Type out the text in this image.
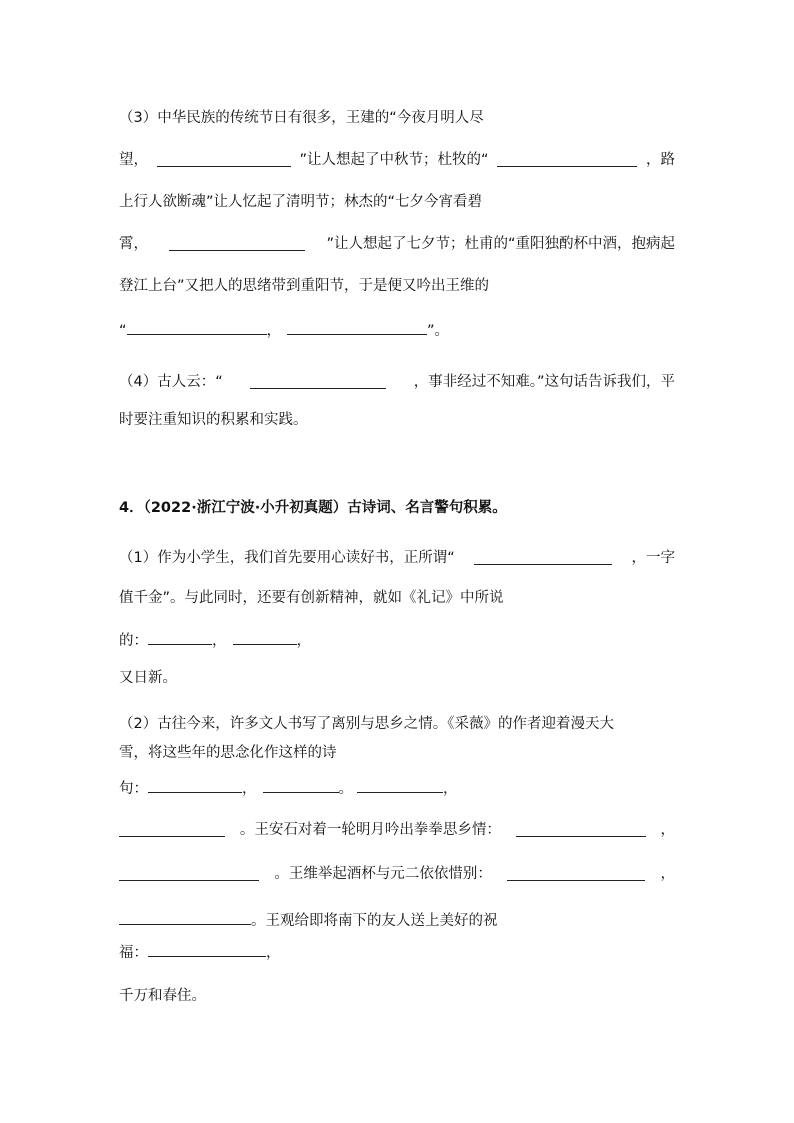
（3）中华民族的传统节日有很多，王建的“今夜月明人尽
望，	”让人想起了中秋节；杜牧的“	，路
上行人欲断魂”让人忆起了清明节；林杰的“七夕今宵看碧
霄，	”让人想起了七夕节；杜甫的“重阳独酌杯中酒，抱病起
登江上台”又把人的思绪带到重阳节，于是便又吟出王维的
“	，	”。
（4）古人云：“	，事非经过不知难。”这句话告诉我们，平
时要注重知识的积累和实践。
4．（2022·浙江宁波·小升初真题）古诗词、名言警句积累。
（1）作为小学生，我们首先要用心读好书，正所谓“	，一字
值千金”。与此同时，还要有创新精神，就如《礼记》中所说
的：	，	，
又日新。
（2）古往今来，许多文人书写了离别与思乡之情。《采薇》的作者迎着漫天大
雪，将这些年的思念化作这样的诗
句：	，	。	，
。王安石对着一轮明月吟出拳拳思乡情：	，
。王维举起酒杯与元二依依惜别：	，
。王观给即将南下的友人送上美好的祝
福：	，
千万和春住。
